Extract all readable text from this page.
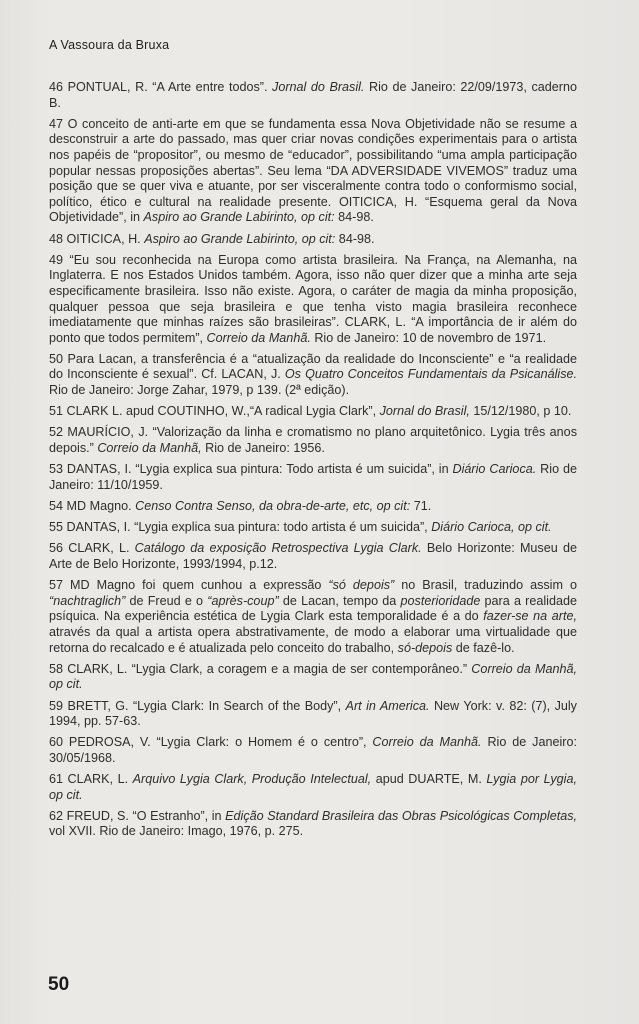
A Vassoura da Bruxa

46 PONTUAL, R. “A Arte entre todos”. Jornal do Brasil. Rio de Janeiro: 22/09/1973, caderno B.

47 O conceito de anti-arte em que se fundamenta essa Nova Objetividade não se resume a desconstruir a arte do passado, mas quer criar novas condições experimentais para o artista nos papéis de “propositor”, ou mesmo de “educador”, possibilitando “uma ampla participação popular nessas proposições abertas”. Seu lema “DA ADVERSIDADE VIVEMOS” traduz uma posição que se quer viva e atuante, por ser visceralmente contra todo o conformismo social, político, ético e cultural na realidade presente. OITICICA, H. “Esquema geral da Nova Objetividade”, in Aspiro ao Grande Labirinto, op cit: 84-98.

48 OITICICA, H. Aspiro ao Grande Labirinto, op cit: 84-98.

49 “Eu sou reconhecida na Europa como artista brasileira. Na França, na Alemanha, na Inglaterra. E nos Estados Unidos também. Agora, isso não quer dizer que a minha arte seja especificamente brasileira. Isso não existe. Agora, o caráter de magia da minha proposição, qualquer pessoa que seja brasileira e que tenha visto magia brasileira reconhece imediatamente que minhas raízes são brasileiras”. CLARK, L. “A importância de ir além do ponto que todos permitem”, Correio da Manhã. Rio de Janeiro: 10 de novembro de 1971.

50 Para Lacan, a transferência é a “atualização da realidade do Inconsciente” e “a realidade do Inconsciente é sexual”. Cf. LACAN, J. Os Quatro Conceitos Fundamentais da Psicanálise. Rio de Janeiro: Jorge Zahar, 1979, p 139. (2ª edição).

51 CLARK L. apud COUTINHO, W.,“A radical Lygia Clark”, Jornal do Brasil, 15/12/1980, p 10.

52 MAURÍCIO, J. “Valorização da linha e cromatismo no plano arquitetônico. Lygia três anos depois.” Correio da Manhã, Rio de Janeiro: 1956.

53 DANTAS, I. “Lygia explica sua pintura: Todo artista é um suicida”, in Diário Carioca. Rio de Janeiro: 11/10/1959.

54 MD Magno. Censo Contra Senso, da obra-de-arte, etc, op cit: 71.

55 DANTAS, I. “Lygia explica sua pintura: todo artista é um suicida”, Diário Carioca, op cit.

56 CLARK, L. Catálogo da exposição Retrospectiva Lygia Clark. Belo Horizonte: Museu de Arte de Belo Horizonte, 1993/1994, p.12.

57 MD Magno foi quem cunhou a expressão “só depois” no Brasil, traduzindo assim o “nachtraglich” de Freud e o “après-coup” de Lacan, tempo da posterioridade para a realidade psíquica. Na experiência estética de Lygia Clark esta temporalidade é a do fazer-se na arte, através da qual a artista opera abstrativamente, de modo a elaborar uma virtualidade que retorna do recalcado e é atualizada pelo conceito do trabalho, só-depois de fazê-lo.

58 CLARK, L. “Lygia Clark, a coragem e a magia de ser contemporâneo.” Correio da Manhã, op cit.

59 BRETT, G. “Lygia Clark: In Search of the Body”, Art in America. New York: v. 82: (7), July 1994, pp. 57-63.

60 PEDROSA, V. “Lygia Clark: o Homem é o centro”, Correio da Manhã. Rio de Janeiro: 30/05/1968.

61 CLARK, L. Arquivo Lygia Clark, Produção Intelectual, apud DUARTE, M. Lygia por Lygia, op cit.

62 FREUD, S. “O Estranho”, in Edição Standard Brasileira das Obras Psicológicas Completas, vol XVII. Rio de Janeiro: Imago, 1976, p. 275.

50
